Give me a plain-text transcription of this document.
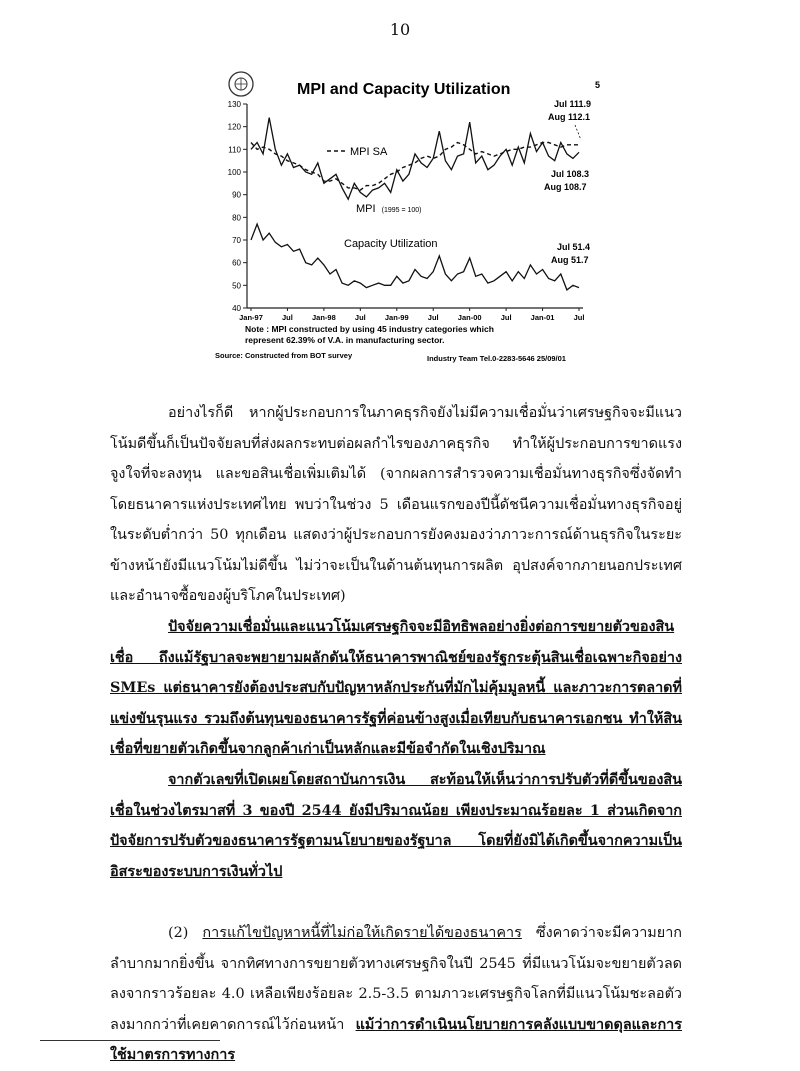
10
MPI and Capacity Utilization	5
40
50
60
70
80
90
100
110
120
130
Jan-97	Jul	Jan-98	Jul	Jan-99	Jul	Jan-00	Jul	Jan-01	Jul
MPI SA
MPI (1995 = 100)
Capacity Utilization
Jul 111.9
Aug 112.1
Jul 108.3
Aug 108.7
Jul 51.4
Aug 51.7
Note : MPI constructed by using 45 industry categories which
represent 62.39% of V.A. in manufacturing sector.
Source: Constructed from BOT survey	Industry Team Tel.0-2283-5646 25/09/01
อย่างไรก็ดี หากผู้ประกอบการในภาคธุรกิจยังไม่มีความเชื่อมั่นว่าเศรษฐกิจจะมีแนวโน้มดีขึ้นก็เป็นปัจจัยลบที่ส่งผลกระทบต่อผลกำไรของภาคธุรกิจ ทำให้ผู้ประกอบการขาดแรงจูงใจที่จะลงทุน และขอสินเชื่อเพิ่มเติมได้ (จากผลการสำรวจความเชื่อมั่นทางธุรกิจซึ่งจัดทำโดยธนาคารแห่งประเทศไทย พบว่าในช่วง 5 เดือนแรกของปีนี้ดัชนีความเชื่อมั่นทางธุรกิจอยู่ในระดับต่ำกว่า 50 ทุกเดือน แสดงว่าผู้ประกอบการยังคงมองว่าภาวะการณ์ด้านธุรกิจในระยะข้างหน้ายังมีแนวโน้มไม่ดีขึ้น ไม่ว่าจะเป็นในด้านต้นทุนการผลิต อุปสงค์จากภายนอกประเทศ และอำนาจซื้อของผู้บริโภคในประเทศ)
ปัจจัยความเชื่อมั่นและแนวโน้มเศรษฐกิจจะมีอิทธิพลอย่างยิ่งต่อการขยายตัวของสินเชื่อ ถึงแม้รัฐบาลจะพยายามผลักดันให้ธนาคารพาณิชย์ของรัฐกระตุ้นสินเชื่อเฉพาะกิจอย่าง SMEs แต่ธนาคารยังต้องประสบกับปัญหาหลักประกันที่มักไม่คุ้มมูลหนี้ และภาวะการตลาดที่แข่งขันรุนแรง รวมถึงต้นทุนของธนาคารรัฐที่ค่อนข้างสูงเมื่อเทียบกับธนาคารเอกชน ทำให้สินเชื่อที่ขยายตัวเกิดขึ้นจากลูกค้าเก่าเป็นหลักและมีข้อจำกัดในเชิงปริมาณ
จากตัวเลขที่เปิดเผยโดยสถาบันการเงิน สะท้อนให้เห็นว่าการปรับตัวที่ดีขึ้นของสินเชื่อในช่วงไตรมาสที่ 3 ของปี 2544 ยังมีปริมาณน้อย เพียงประมาณร้อยละ 1 ส่วนเกิดจากปัจจัยการปรับตัวของธนาคารรัฐตามนโยบายของรัฐบาล โดยที่ยังมิได้เกิดขึ้นจากความเป็นอิสระของระบบการเงินทั่วไป
(2) การแก้ไขปัญหาหนี้ที่ไม่ก่อให้เกิดรายได้ของธนาคาร ซึ่งคาดว่าจะมีความยากลำบากมากยิ่งขึ้น จากทิศทางการขยายตัวทางเศรษฐกิจในปี 2545 ที่มีแนวโน้มจะขยายตัวลดลงจากราวร้อยละ 4.0 เหลือเพียงร้อยละ 2.5-3.5 ตามภาวะเศรษฐกิจโลกที่มีแนวโน้มชะลอตัวลงมากกว่าที่เคยคาดการณ์ไว้ก่อนหน้า แม้ว่าการดำเนินนโยบายการคลังแบบขาดดุลและการใช้มาตรการทางการ
